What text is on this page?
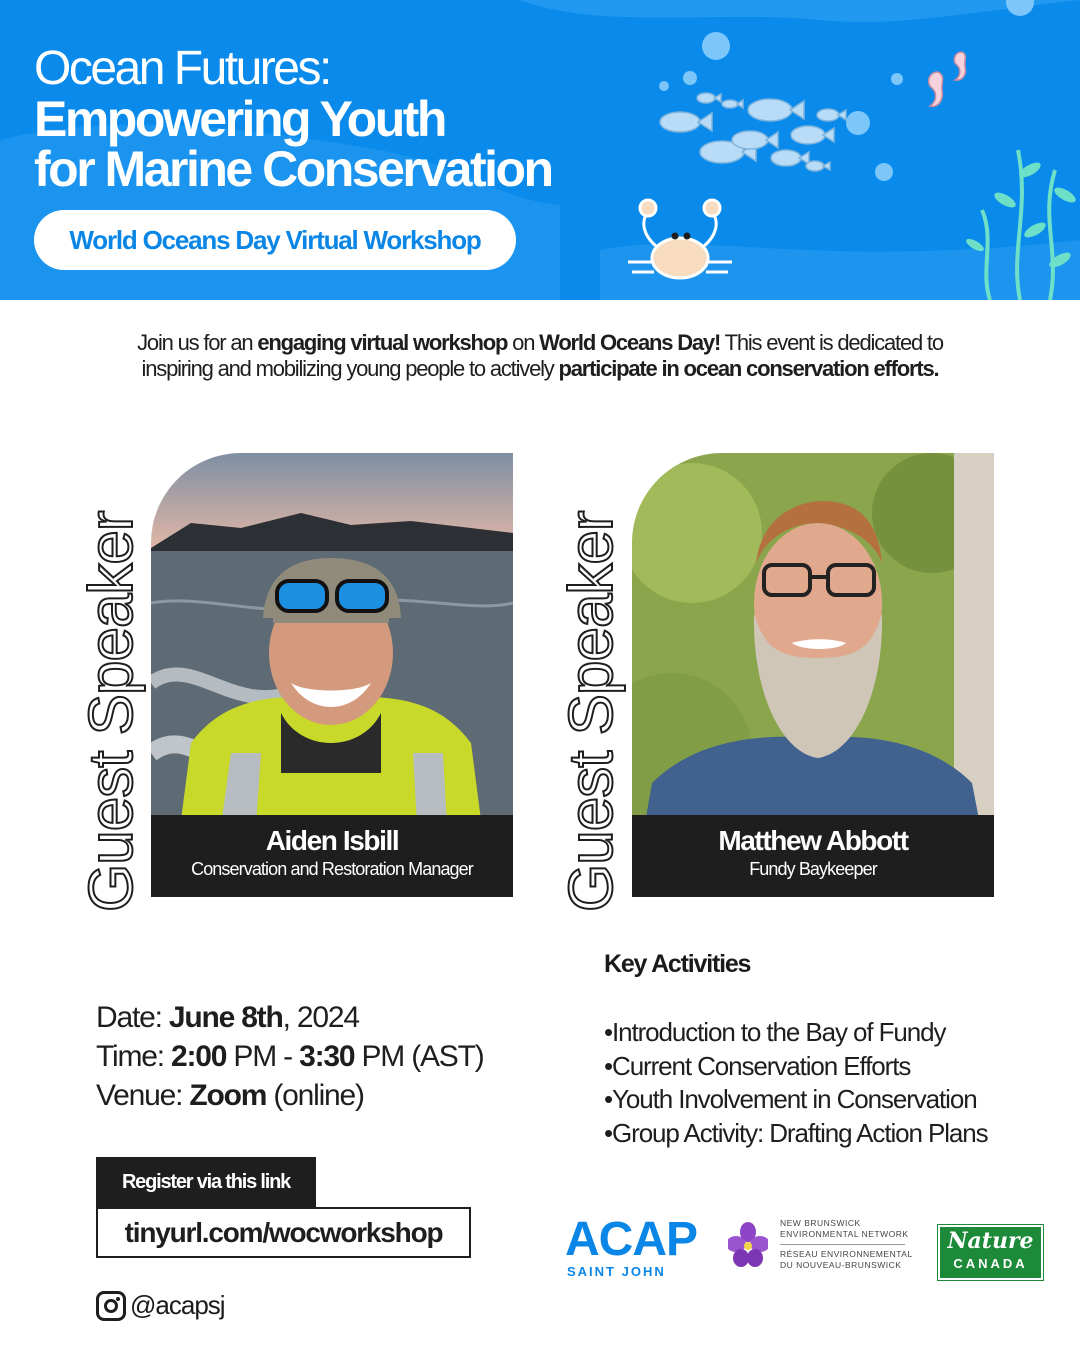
Ocean Futures:
Empowering Youth
for Marine Conservation
World Oceans Day Virtual Workshop

Join us for an engaging virtual workshop on World Oceans Day! This event is dedicated to inspiring and mobilizing young people to actively participate in ocean conservation efforts.

Guest Speaker	Aiden Isbill
Conservation and Restoration Manager	Guest Speaker	Matthew Abbott
Fundy Baykeeper
Date: June 8th, 2024
Time: 2:00 PM - 3:30 PM (AST)
Venue: Zoom (online)
Key Activities
• Introduction to the Bay of Fundy
• Current Conservation Efforts
• Youth Involvement in Conservation
• Group Activity: Drafting Action Plans
Register via this link
tinyurl.com/wocworkshop
@acapsj
ACAP
SAINT JOHN
NEW BRUNSWICK
ENVIRONMENTAL NETWORK
RÉSEAU ENVIRONNEMENTAL
DU NOUVEAU-BRUNSWICK
Nature
CANADA
